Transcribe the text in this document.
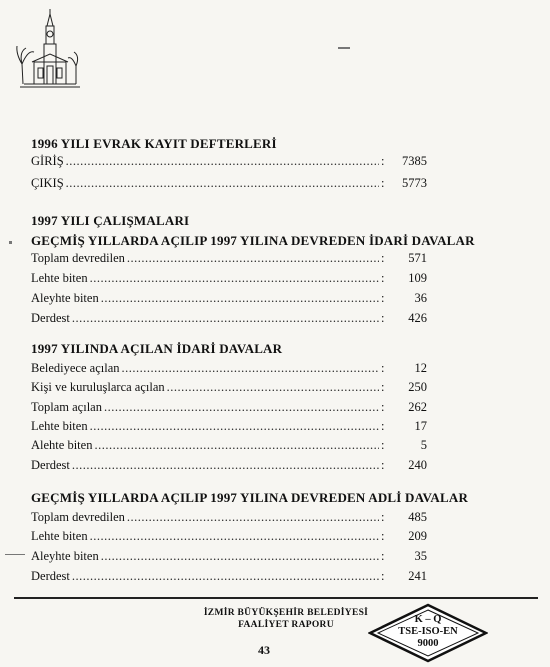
1996 YILI EVRAK KAYIT DEFTERLERİ
GİRİŞ .....	:	7385
ÇIKIŞ .....	:	5773
1997 YILI ÇALIŞMALARI
GEÇMİŞ YILLARDA AÇILIP 1997 YILINA DEVREDEN İDARİ DAVALAR
Toplam devredilen .....	:	571
Lehte biten .....	:	109
Aleyhte biten .....	:	36
Derdest .....	:	426
1997 YILINDA AÇILAN İDARİ DAVALAR
Belediyece açılan .....	:	12
Kişi ve kuruluşlarca açılan .....	:	250
Toplam açılan .....	:	262
Lehte biten .....	:	17
Alehte biten .....	:	5
Derdest .....	:	240
GEÇMİŞ YILLARDA AÇILIP 1997 YILINA DEVREDEN ADLİ DAVALAR
Toplam devredilen .....	:	485
Lehte biten .....	:	209
Aleyhte biten .....	:	35
Derdest .....	:	241
İZMİR BÜYÜKŞEHİR BELEDİYESİ
FAALİYET RAPORU
43
K – Q
TSE-ISO-EN
9000
